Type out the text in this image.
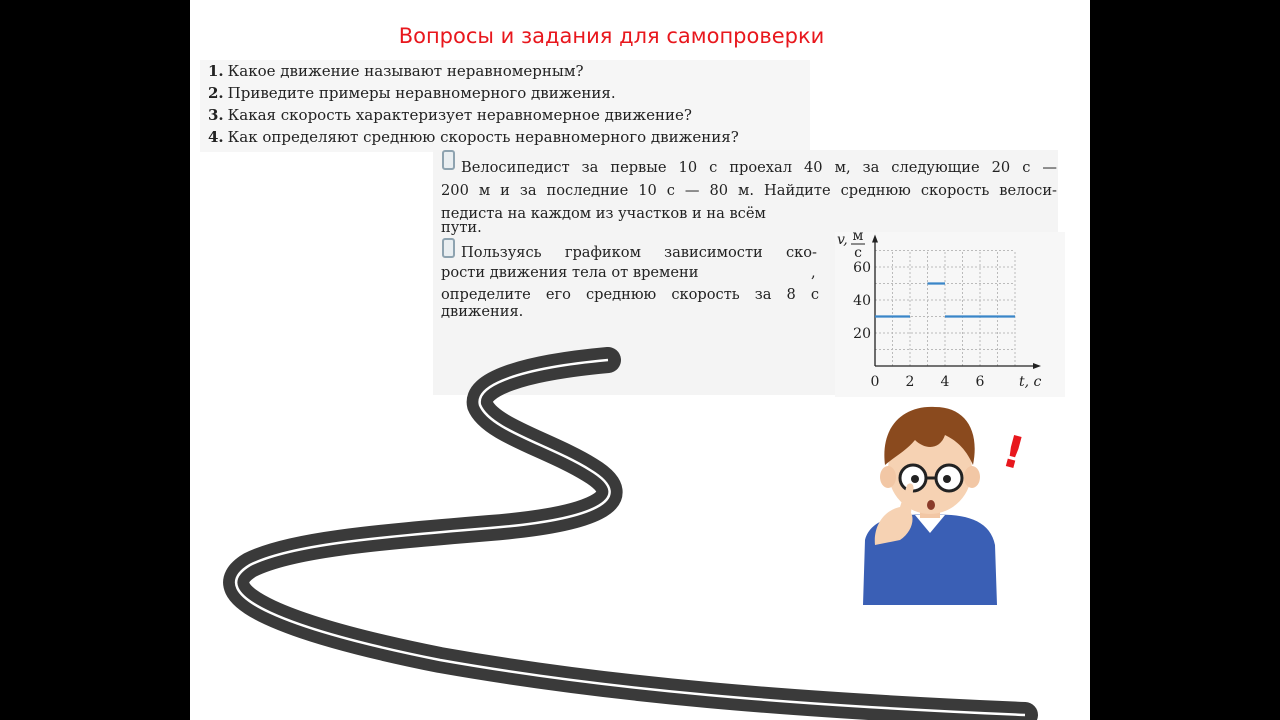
Вопросы и задания для самопроверки
1. Какое движение называют неравномерным?
2. Приведите примеры неравномерного движения.
3. Какая скорость характеризует неравномерное движение?
4. Как определяют среднюю скорость неравномерного движения?
Велосипедист за первые 10 с проехал 40 м, за следующие 20 с —
200 м и за последние 10 с — 80 м. Найдите среднюю скорость велоси-
педиста на каждом из участков и на всём
пути.
Пользуясь графиком зависимости ско-
рости движения тела от времени	,
определите его среднюю скорость за 8 с
движения.
0 2 4 6
20
40
60
t, c
v, м
с
!
